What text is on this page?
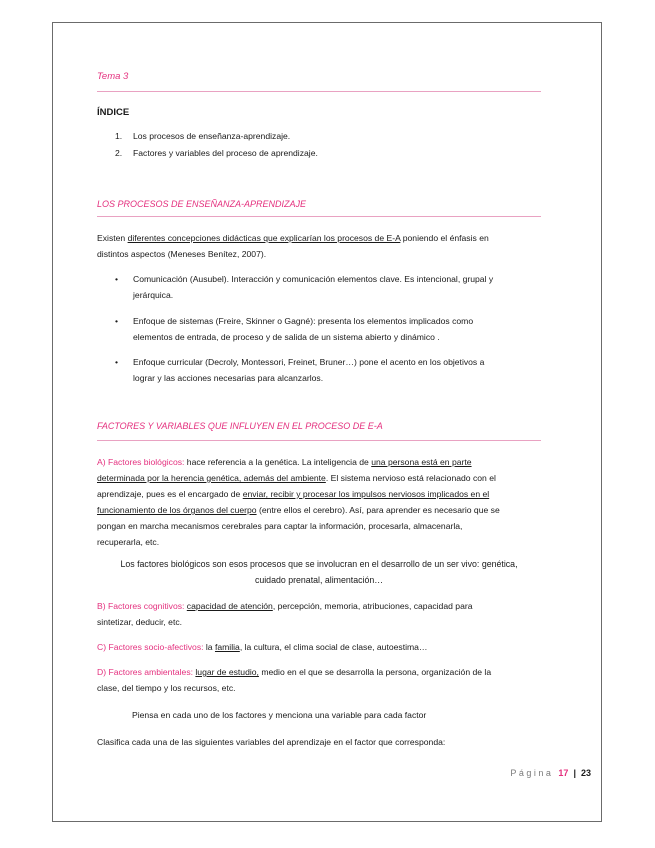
Tema 3
ÍNDICE
1. Los procesos de enseñanza-aprendizaje.
2. Factores y variables del proceso de aprendizaje.
LOS PROCESOS DE ENSEÑANZA-APRENDIZAJE
Existen diferentes concepciones didácticas que explicarían los procesos de E-A poniendo el énfasis en
distintos aspectos (Meneses Benítez, 2007).
• Comunicación (Ausubel). Interacción y comunicación elementos clave. Es intencional, grupal y
jerárquica.
• Enfoque de sistemas (Freire, Skinner o Gagné): presenta los elementos implicados como
elementos de entrada, de proceso y de salida de un sistema abierto y dinámico .
• Enfoque curricular (Decroly, Montessori, Freinet, Bruner…) pone el acento en los objetivos a
lograr y las acciones necesarias para alcanzarlos.
FACTORES Y VARIABLES QUE INFLUYEN EN EL PROCESO DE E-A
A) Factores biológicos: hace referencia a la genética. La inteligencia de una persona está en parte
determinada por la herencia genética, además del ambiente. El sistema nervioso está relacionado con el
aprendizaje, pues es el encargado de enviar, recibir y procesar los impulsos nerviosos implicados en el
funcionamiento de los órganos del cuerpo (entre ellos el cerebro). Así, para aprender es necesario que se
pongan en marcha mecanismos cerebrales para captar la información, procesarla, almacenarla,
recuperarla, etc.
Los factores biológicos son esos procesos que se involucran en el desarrollo de un ser vivo: genética,
cuidado prenatal, alimentación…
B) Factores cognitivos: capacidad de atención, percepción, memoria, atribuciones, capacidad para
sintetizar, deducir, etc.
C) Factores socio-afectivos: la familia, la cultura, el clima social de clase, autoestima…
D) Factores ambientales: lugar de estudio, medio en el que se desarrolla la persona, organización de la
clase, del tiempo y los recursos, etc.
Piensa en cada uno de los factores y menciona una variable para cada factor
Clasifica cada una de las siguientes variables del aprendizaje en el factor que corresponda:
Página 17 | 23
